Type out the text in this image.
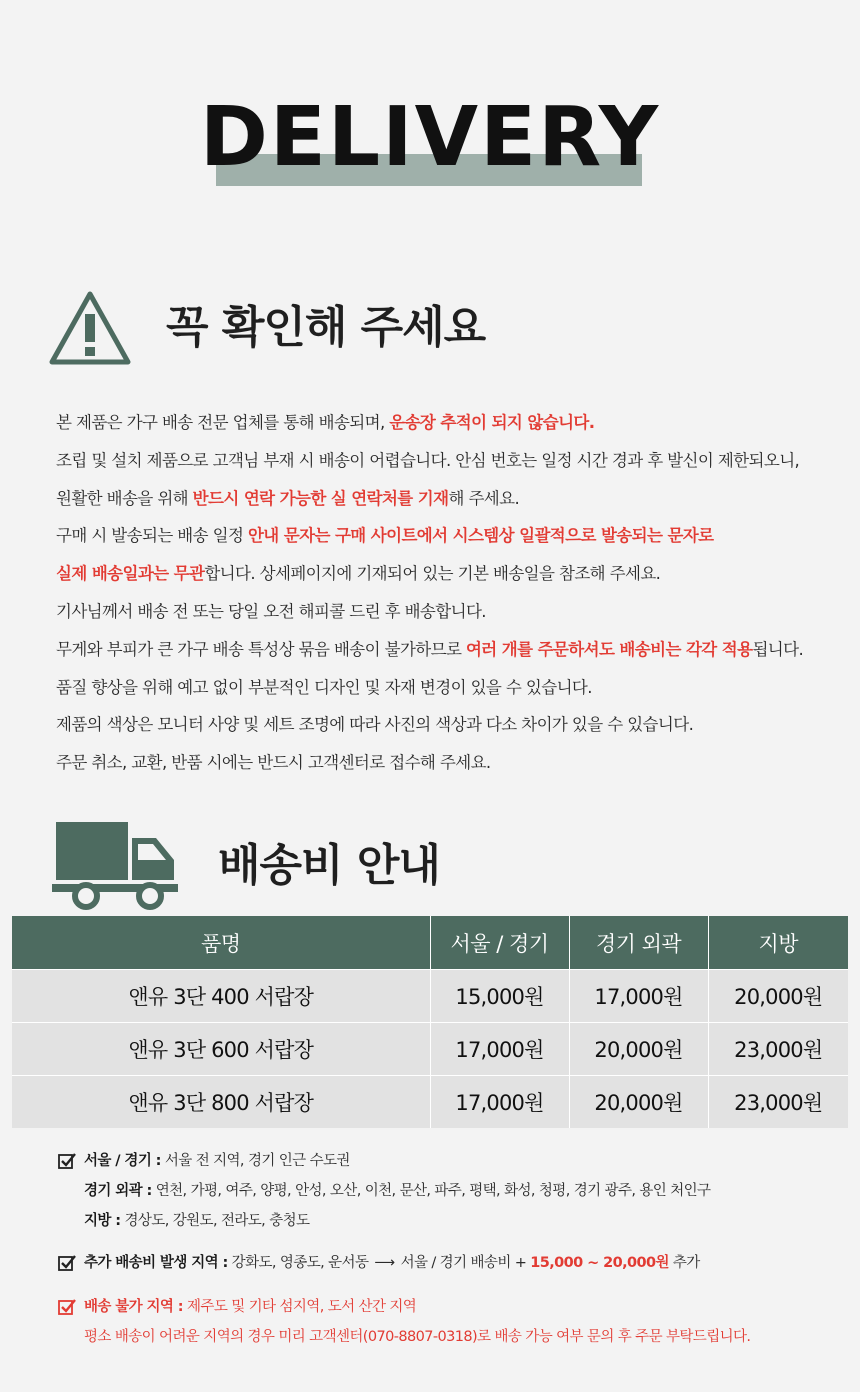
DELIVERY
꼭 확인해 주세요
본 제품은 가구 배송 전문 업체를 통해 배송되며, 운송장 추적이 되지 않습니다.
조립 및 설치 제품으로 고객님 부재 시 배송이 어렵습니다. 안심 번호는 일정 시간 경과 후 발신이 제한되오니,
원활한 배송을 위해 반드시 연락 가능한 실 연락처를 기재해 주세요.
구매 시 발송되는 배송 일정 안내 문자는 구매 사이트에서 시스템상 일괄적으로 발송되는 문자로
실제 배송일과는 무관합니다. 상세페이지에 기재되어 있는 기본 배송일을 참조해 주세요.
기사님께서 배송 전 또는 당일 오전 해피콜 드린 후 배송합니다.
무게와 부피가 큰 가구 배송 특성상 묶음 배송이 불가하므로 여러 개를 주문하셔도 배송비는 각각 적용됩니다.
품질 향상을 위해 예고 없이 부분적인 디자인 및 자재 변경이 있을 수 있습니다.
제품의 색상은 모니터 사양 및 세트 조명에 따라 사진의 색상과 다소 차이가 있을 수 있습니다.
주문 취소, 교환, 반품 시에는 반드시 고객센터로 접수해 주세요.
배송비 안내
품명	서울 / 경기	경기 외곽	지방
앤유 3단 400 서랍장	15,000원	17,000원	20,000원
앤유 3단 600 서랍장	17,000원	20,000원	23,000원
앤유 3단 800 서랍장	17,000원	20,000원	23,000원
서울 / 경기 : 서울 전 지역, 경기 인근 수도권
경기 외곽 : 연천, 가평, 여주, 양평, 안성, 오산, 이천, 문산, 파주, 평택, 화성, 청평, 경기 광주, 용인 처인구
지방 : 경상도, 강원도, 전라도, 충청도
추가 배송비 발생 지역 : 강화도, 영종도, 운서동 ⟶ 서울 / 경기 배송비 + 15,000 ~ 20,000원 추가
배송 불가 지역 : 제주도 및 기타 섬지역, 도서 산간 지역
평소 배송이 어려운 지역의 경우 미리 고객센터(070-8807-0318)로 배송 가능 여부 문의 후 주문 부탁드립니다.
